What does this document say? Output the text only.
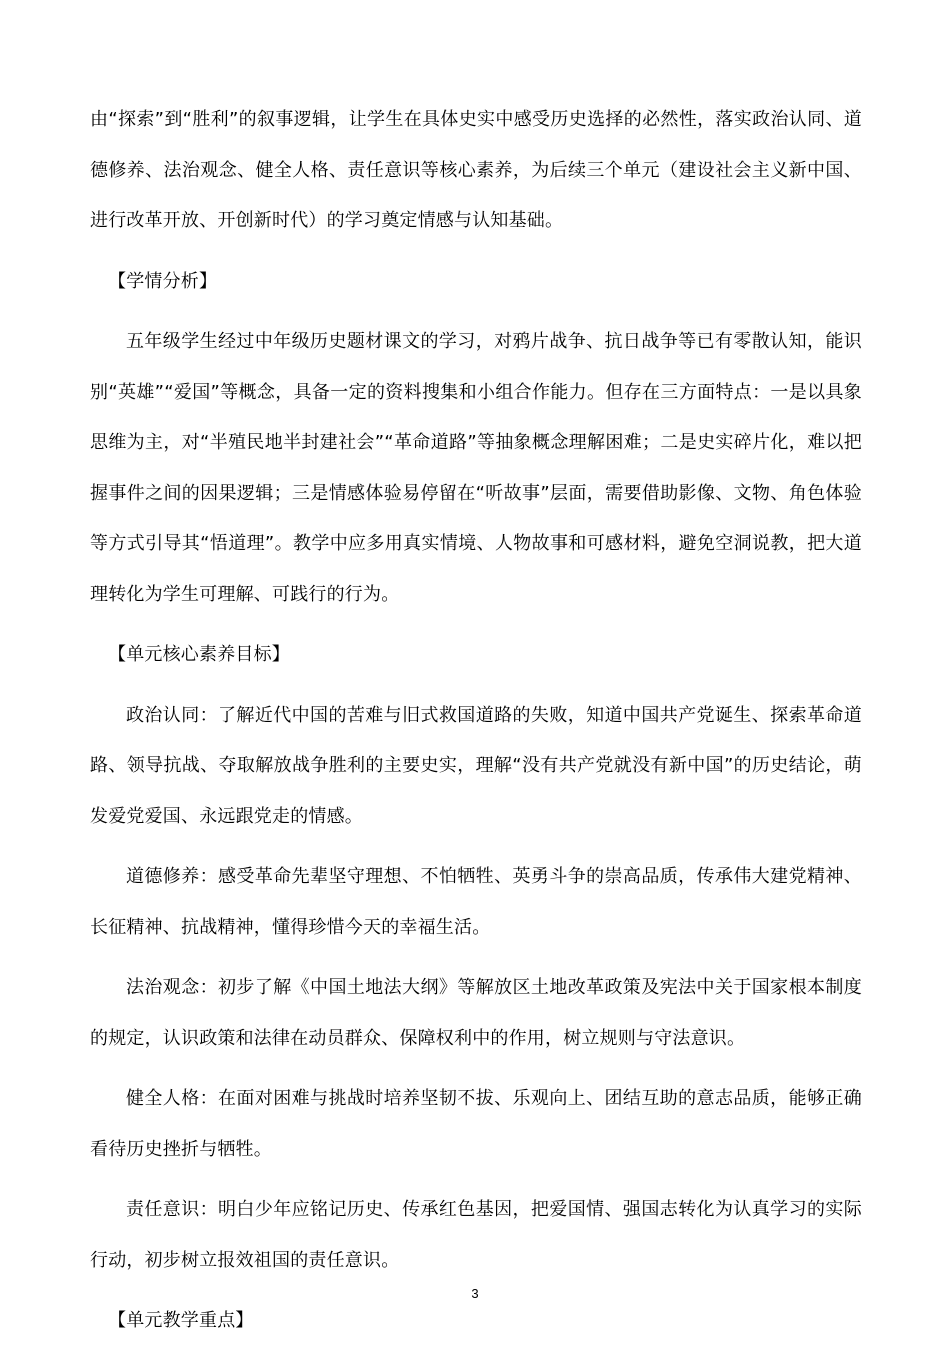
由“探索”到“胜利”的叙事逻辑，让学生在具体史实中感受历史选择的必然性，落实政治认同、道德修养、法治观念、健全人格、责任意识等核心素养，为后续三个单元（建设社会主义新中国、进行改革开放、开创新时代）的学习奠定情感与认知基础。

【学情分析】

五年级学生经过中年级历史题材课文的学习，对鸦片战争、抗日战争等已有零散认知，能识别“英雄”“爱国”等概念，具备一定的资料搜集和小组合作能力。但存在三方面特点：一是以具象思维为主，对“半殖民地半封建社会”“革命道路”等抽象概念理解困难；二是史实碎片化，难以把握事件之间的因果逻辑；三是情感体验易停留在“听故事”层面，需要借助影像、文物、角色体验等方式引导其“悟道理”。教学中应多用真实情境、人物故事和可感材料，避免空洞说教，把大道理转化为学生可理解、可践行的行为。

【单元核心素养目标】

政治认同：了解近代中国的苦难与旧式救国道路的失败，知道中国共产党诞生、探索革命道路、领导抗战、夺取解放战争胜利的主要史实，理解“没有共产党就没有新中国”的历史结论，萌发爱党爱国、永远跟党走的情感。

道德修养：感受革命先辈坚守理想、不怕牺牲、英勇斗争的崇高品质，传承伟大建党精神、长征精神、抗战精神，懂得珍惜今天的幸福生活。

法治观念：初步了解《中国土地法大纲》等解放区土地改革政策及宪法中关于国家根本制度的规定，认识政策和法律在动员群众、保障权利中的作用，树立规则与守法意识。

健全人格：在面对困难与挑战时培养坚韧不拔、乐观向上、团结互助的意志品质，能够正确看待历史挫折与牺牲。

责任意识：明白少年应铭记历史、传承红色基因，把爱国情、强国志转化为认真学习的实际行动，初步树立报效祖国的责任意识。

【单元教学重点】

3
